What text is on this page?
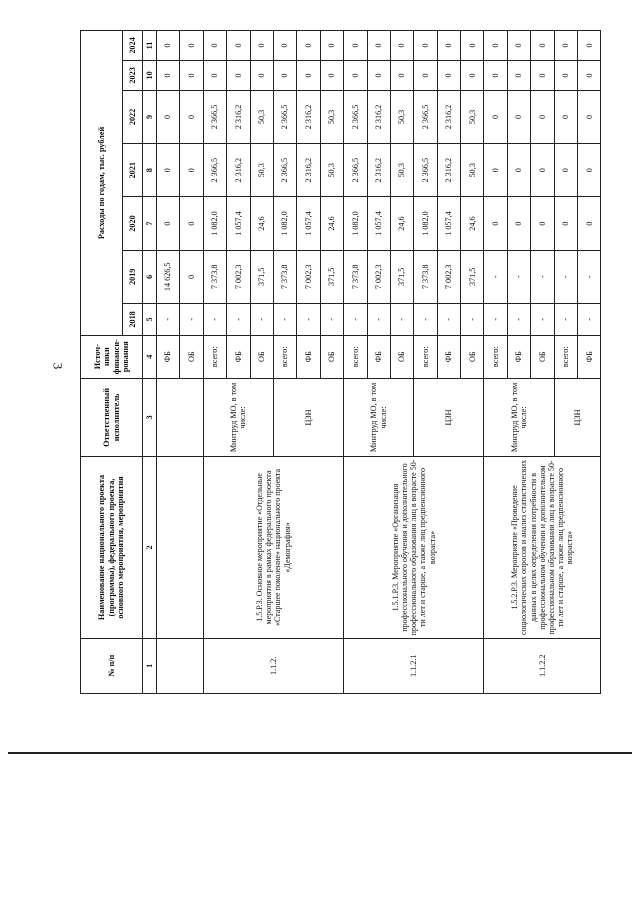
3
№ п/п	Наименование национального проекта (программы), федерального проекта, основного мероприятия, мероприятия	Ответственный исполнитель	Источ-ники финанси-рования	Расходы по годам, тыс. рублей						
				2018	2019	2020	2021	2022	2023	2024
1	2	3	4	5	6	7	8	9	10	11
			ФБ	-	14 626,5	0	0	0	0	0
			ОБ	-	0	0	0	0	0	0
1.1.2.	1.5.Р.3. Основное мероприятие «Отдельные мероприятия в рамках федерального проекта «Старшее поколение» национального проекта «Демография»	Минтруд МО, в том числе:	всего:	-	7 373,8	1 082,0	2 366,5	2 366,5	0	0
			ФБ	-	7 002,3	1 057,4	2 316,2	2 316,2	0	0
			ОБ	-	371,5	24,6	50,3	50,3	0	0
		ЦЗН	всего:	-	7 373,8	1 082,0	2 366,5	2 366,5	0	0
			ФБ	-	7 002,3	1 057,4	2 316,2	2 316,2	0	0
			ОБ	-	371,5	24,6	50,3	50,3	0	0
1.1.2.1	1.5.1.Р.3. Мероприятие «Организация профессионального обучения и дополнительного профессионального образования лиц в возрасте 50-ти лет и старше, а также лиц предпенсионного возраста»	Минтруд МО, в том числе:	всего:	-	7 373,8	1 082,0	2 366,5	2 366,5	0	0
			ФБ	-	7 002,3	1 057,4	2 316,2	2 316,2	0	0
			ОБ	-	371,5	24,6	50,3	50,3	0	0
		ЦЗН	всего:	-	7 373,8	1 082,0	2 366,5	2 366,5	0	0
			ФБ	-	7 002,3	1 057,4	2 316,2	2 316,2	0	0
			ОБ	-	371,5	24,6	50,3	50,3	0	0
1.1.2.2	1.5.2.Р.3. Мероприятие «Проведение социологических опросов и анализ статистических данных в целях определения потребности в профессиональном обучении и дополнительном профессиональном образовании лиц в возрасте 50-ти лет и старше, а также лиц предпенсионного возраста»	Минтруд МО, в том числе:	всего:	-	-	0	0	0	0	0
			ФБ	-	-	0	0	0	0	0
			ОБ	-	-	0	0	0	0	0
		ЦЗН	всего:	-	-	0	0	0	0	0
			ФБ	-	-	0	0	0	0	0
